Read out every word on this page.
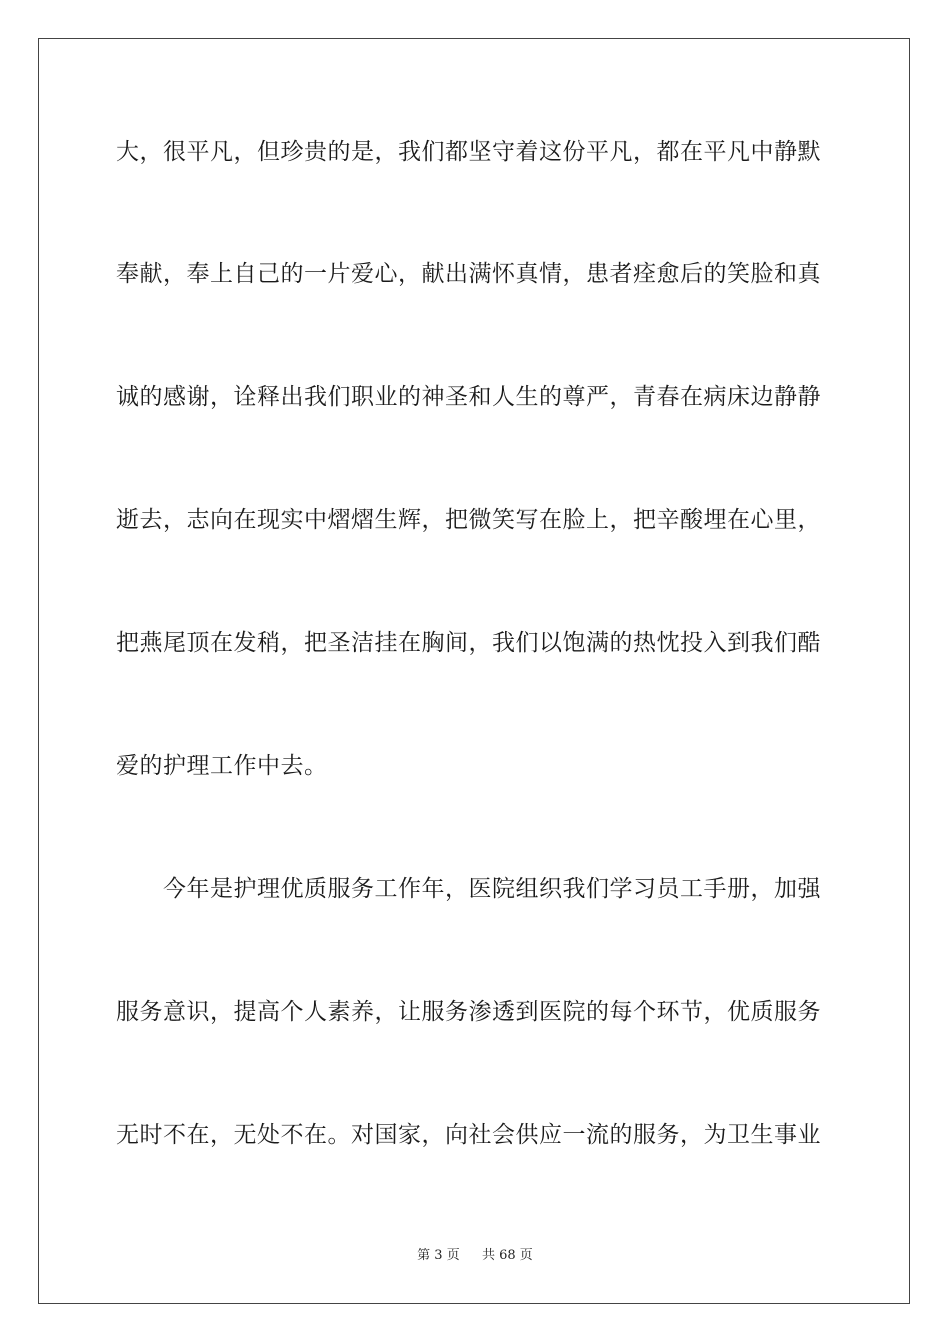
大，很平凡，但珍贵的是，我们都坚守着这份平凡，都在平凡中静默
奉献，奉上自己的一片爱心，献出满怀真情，患者痊愈后的笑脸和真
诚的感谢，诠释出我们职业的神圣和人生的尊严，青春在病床边静静
逝去，志向在现实中熠熠生辉，把微笑写在脸上，把辛酸埋在心里，
把燕尾顶在发稍，把圣洁挂在胸间，我们以饱满的热忱投入到我们酷
爱的护理工作中去。
　　今年是护理优质服务工作年，医院组织我们学习员工手册，加强
服务意识，提高个人素养，让服务渗透到医院的每个环节，优质服务
无时不在，无处不在。对国家，向社会供应一流的服务，为卫生事业
第 3 页 共 68 页
